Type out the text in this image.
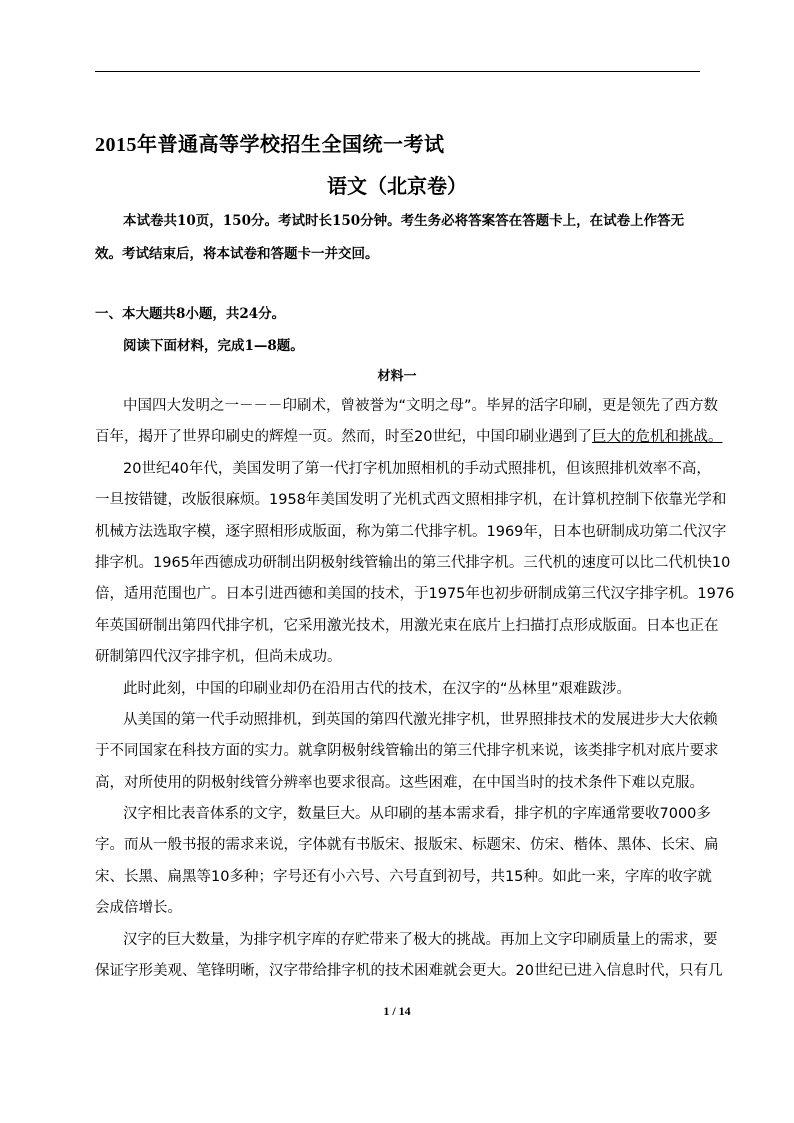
2015年普通高等学校招生全国统一考试
语文（北京卷）
本试卷共10页，150分。考试时长150分钟。考生务必将答案答在答题卡上，在试卷上作答无
效。考试结束后，将本试卷和答题卡一并交回。
一、本大题共8小题，共24分。
阅读下面材料，完成1—8题。
材料一
中国四大发明之一－－－印刷术，曾被誉为“文明之母”。毕昇的活字印刷，更是领先了西方数
百年，揭开了世界印刷史的辉煌一页。然而，时至20世纪，中国印刷业遇到了巨大的危机和挑战。
20世纪40年代，美国发明了第一代打字机加照相机的手动式照排机，但该照排机效率不高，
一旦按错键，改版很麻烦。1958年美国发明了光机式西文照相排字机，在计算机控制下依靠光学和
机械方法选取字模，逐字照相形成版面，称为第二代排字机。1969年，日本也研制成功第二代汉字
排字机。1965年西德成功研制出阴极射线管输出的第三代排字机。三代机的速度可以比二代机快10
倍，适用范围也广。日本引进西德和美国的技术，于1975年也初步研制成第三代汉字排字机。1976
年英国研制出第四代排字机，它采用激光技术，用激光束在底片上扫描打点形成版面。日本也正在
研制第四代汉字排字机，但尚未成功。
此时此刻，中国的印刷业却仍在沿用古代的技术，在汉字的“丛林里”艰难跋涉。
从美国的第一代手动照排机，到英国的第四代激光排字机，世界照排技术的发展进步大大依赖
于不同国家在科技方面的实力。就拿阴极射线管输出的第三代排字机来说，该类排字机对底片要求
高，对所使用的阴极射线管分辨率也要求很高。这些困难，在中国当时的技术条件下难以克服。
汉字相比表音体系的文字，数量巨大。从印刷的基本需求看，排字机的字库通常要收7000多
字。而从一般书报的需求来说，字体就有书版宋、报版宋、标题宋、仿宋、楷体、黑体、长宋、扁
宋、长黑、扁黑等10多种；字号还有小六号、六号直到初号，共15种。如此一来，字库的收字就
会成倍增长。
汉字的巨大数量，为排字机字库的存贮带来了极大的挑战。再加上文字印刷质量上的需求，要
保证字形美观、笔锋明晰，汉字带给排字机的技术困难就会更大。20世纪已进入信息时代，只有几
1 / 14
